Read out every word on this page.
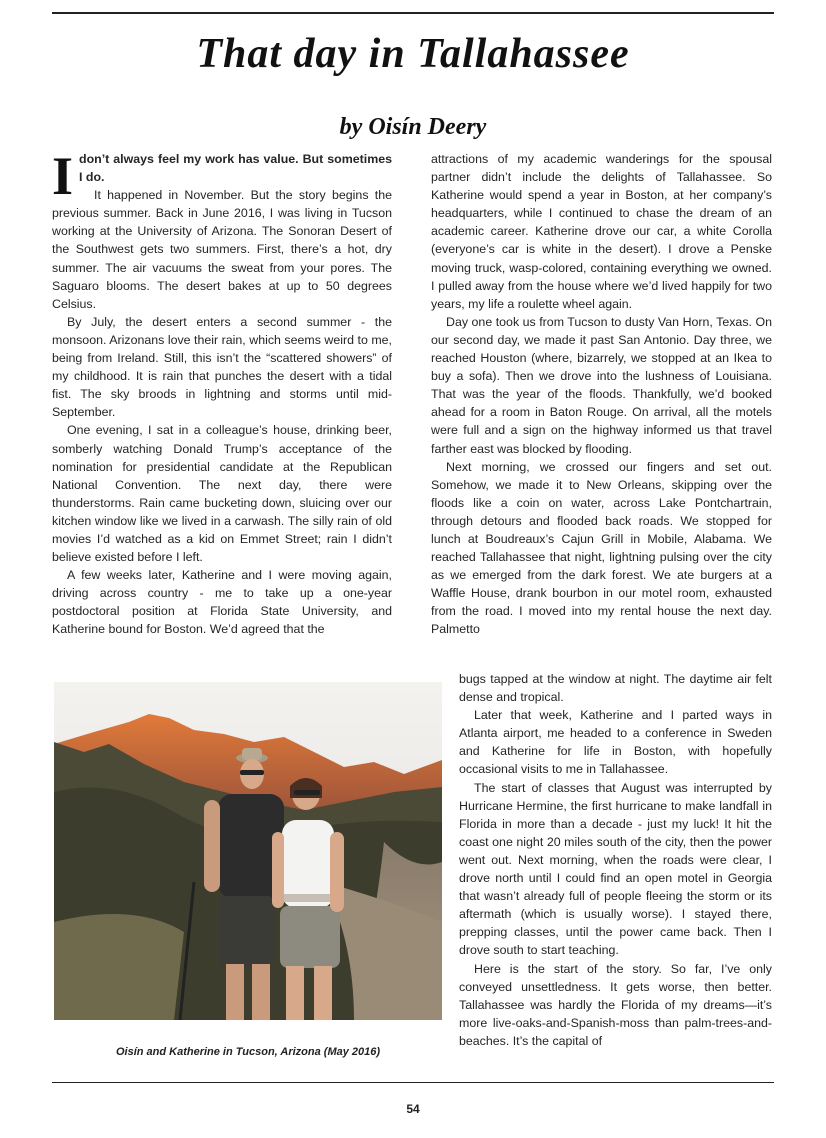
That day in Tallahassee
by Oisín Deery

Idon’t always feel my work has value. But sometimes I do.

It happened in November. But the story begins the previous summer. Back in June 2016, I was living in Tucson working at the University of Arizona. The Sonoran Desert of the Southwest gets two summers. First, there’s a hot, dry summer. The air vacuums the sweat from your pores. The Saguaro blooms. The desert bakes at up to 50 degrees Celsius.

By July, the desert enters a second summer - the monsoon. Arizonans love their rain, which seems weird to me, being from Ireland. Still, this isn’t the “scattered showers” of my childhood. It is rain that punches the desert with a tidal fist. The sky broods in lightning and storms until mid-September.

One evening, I sat in a colleague’s house, drinking beer, somberly watching Donald Trump’s acceptance of the nomination for presidential candidate at the Republican National Convention. The next day, there were thunderstorms. Rain came bucketing down, sluicing over our kitchen window like we lived in a carwash. The silly rain of old movies I’d watched as a kid on Emmet Street; rain I didn’t believe existed before I left.

A few weeks later, Katherine and I were moving again, driving across country - me to take up a one-year postdoctoral position at Florida State University, and Katherine bound for Boston. We’d agreed that the

attractions of my academic wanderings for the spousal partner didn’t include the delights of Tallahassee. So Katherine would spend a year in Boston, at her company’s headquarters, while I continued to chase the dream of an academic career. Katherine drove our car, a white Corolla (everyone’s car is white in the desert). I drove a Penske moving truck, wasp-colored, containing everything we owned. I pulled away from the house where we’d lived happily for two years, my life a roulette wheel again.

Day one took us from Tucson to dusty Van Horn, Texas. On our second day, we made it past San Antonio. Day three, we reached Houston (where, bizarrely, we stopped at an Ikea to buy a sofa). Then we drove into the lushness of Louisiana. That was the year of the floods. Thankfully, we’d booked ahead for a room in Baton Rouge. On arrival, all the motels were full and a sign on the highway informed us that travel farther east was blocked by flooding.

Next morning, we crossed our fingers and set out. Somehow, we made it to New Orleans, skipping over the floods like a coin on water, across Lake Pontchartrain, through detours and flooded back roads. We stopped for lunch at Boudreaux’s Cajun Grill in Mobile, Alabama. We reached Tallahassee that night, lightning pulsing over the city as we emerged from the dark forest. We ate burgers at a Waffle House, drank bourbon in our motel room, exhausted from the road. I moved into my rental house the next day. Palmetto

bugs tapped at the window at night. The daytime air felt dense and tropical.

Later that week, Katherine and I parted ways in Atlanta airport, me headed to a conference in Sweden and Katherine for life in Boston, with hopefully occasional visits to me in Tallahassee.

The start of classes that August was interrupted by Hurricane Hermine, the first hurricane to make landfall in Florida in more than a decade - just my luck! It hit the coast one night 20 miles south of the city, then the power went out. Next morning, when the roads were clear, I drove north until I could find an open motel in Georgia that wasn’t already full of people fleeing the storm or its aftermath (which is usually worse). I stayed there, prepping classes, until the power came back. Then I drove south to start teaching.

Here is the start of the story. So far, I’ve only conveyed unsettledness. It gets worse, then better. Tallahassee was hardly the Florida of my dreams—it’s more live-oaks-and-Spanish-moss than palm-trees-and-beaches. It’s the capital of

Oisín and Katherine in Tucson, Arizona (May 2016)
54
